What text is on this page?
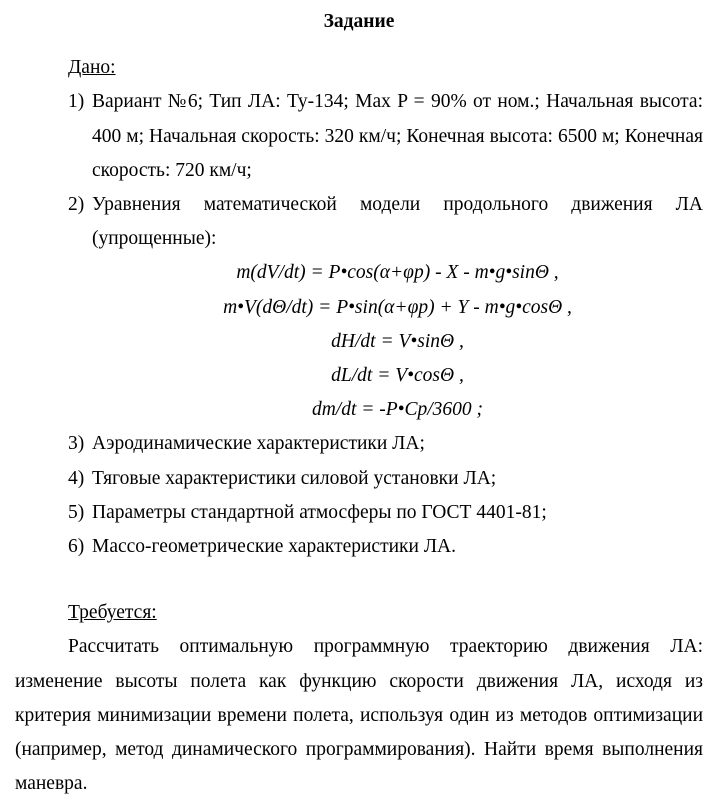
Задание

Дано:
1) Вариант №6; Тип ЛА: Ту-134; Max P = 90% от ном.; Начальная высота: 400 м; Начальная скорость: 320 км/ч; Конечная высота: 6500 м; Конечная скорость: 720 км/ч;
2) Уравнения математической модели продольного движения ЛА (упрощенные):
m(dV/dt) = P•cos(α+φp) - X - m•g•sinΘ ,
m•V(dΘ/dt) = P•sin(α+φp) + Y - m•g•cosΘ ,
dH/dt = V•sinΘ ,
dL/dt = V•cosΘ ,
dm/dt = -P•Cp/3600 ;
3) Аэродинамические характеристики ЛА;
4) Тяговые характеристики силовой установки ЛА;
5) Параметры стандартной атмосферы по ГОСТ 4401-81;
6) Массо-геометрические характеристики ЛА.
Требуется:

Рассчитать оптимальную программную траекторию движения ЛА: изменение высоты полета как функцию скорости движения ЛА, исходя из критерия минимизации времени полета, используя один из методов оптимизации (например, метод динамического программирования). Найти время выполнения маневра.
